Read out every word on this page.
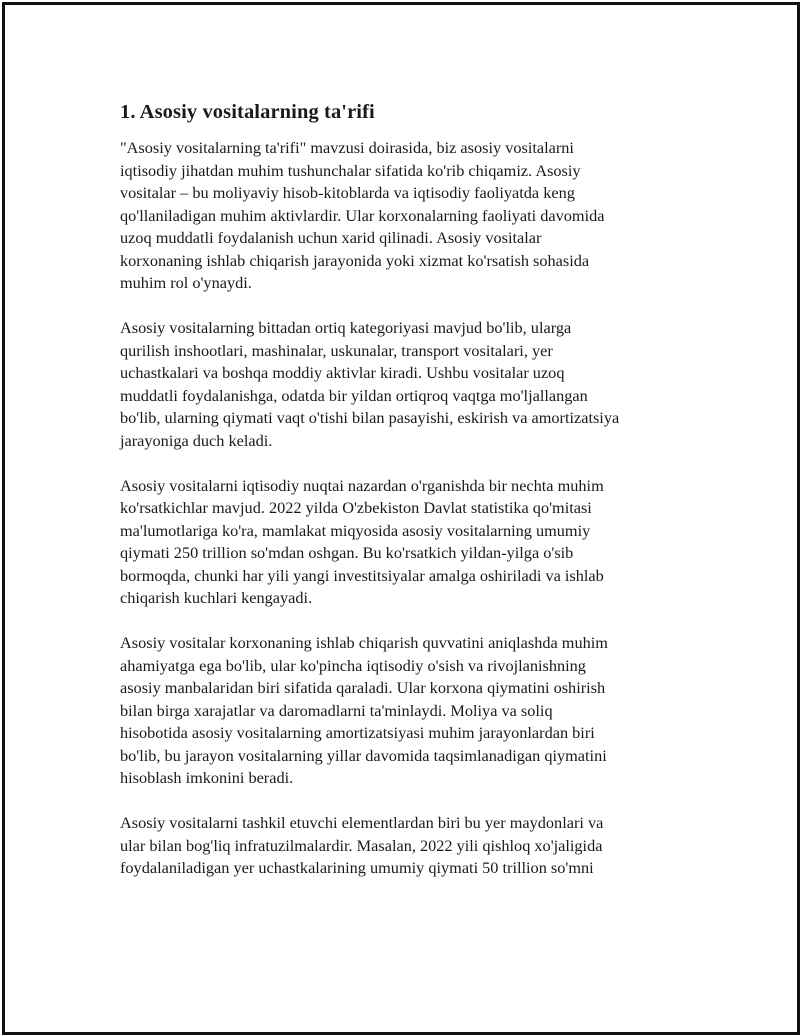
1. Asosiy vositalarning ta'rifi

"Asosiy vositalarning ta'rifi" mavzusi doirasida, biz asosiy vositalarni
iqtisodiy jihatdan muhim tushunchalar sifatida ko'rib chiqamiz. Asosiy
vositalar – bu moliyaviy hisob-kitoblarda va iqtisodiy faoliyatda keng
qo'llaniladigan muhim aktivlardir. Ular korxonalarning faoliyati davomida
uzoq muddatli foydalanish uchun xarid qilinadi. Asosiy vositalar
korxonaning ishlab chiqarish jarayonida yoki xizmat ko'rsatish sohasida
muhim rol o'ynaydi.

Asosiy vositalarning bittadan ortiq kategoriyasi mavjud bo'lib, ularga
qurilish inshootlari, mashinalar, uskunalar, transport vositalari, yer
uchastkalari va boshqa moddiy aktivlar kiradi. Ushbu vositalar uzoq
muddatli foydalanishga, odatda bir yildan ortiqroq vaqtga mo'ljallangan
bo'lib, ularning qiymati vaqt o'tishi bilan pasayishi, eskirish va amortizatsiya
jarayoniga duch keladi.

Asosiy vositalarni iqtisodiy nuqtai nazardan o'rganishda bir nechta muhim
ko'rsatkichlar mavjud. 2022 yilda O'zbekiston Davlat statistika qo'mitasi
ma'lumotlariga ko'ra, mamlakat miqyosida asosiy vositalarning umumiy
qiymati 250 trillion so'mdan oshgan. Bu ko'rsatkich yildan-yilga o'sib
bormoqda, chunki har yili yangi investitsiyalar amalga oshiriladi va ishlab
chiqarish kuchlari kengayadi.

Asosiy vositalar korxonaning ishlab chiqarish quvvatini aniqlashda muhim
ahamiyatga ega bo'lib, ular ko'pincha iqtisodiy o'sish va rivojlanishning
asosiy manbalaridan biri sifatida qaraladi. Ular korxona qiymatini oshirish
bilan birga xarajatlar va daromadlarni ta'minlaydi. Moliya va soliq
hisobotida asosiy vositalarning amortizatsiyasi muhim jarayonlardan biri
bo'lib, bu jarayon vositalarning yillar davomida taqsimlanadigan qiymatini
hisoblash imkonini beradi.

Asosiy vositalarni tashkil etuvchi elementlardan biri bu yer maydonlari va
ular bilan bog'liq infratuzilmalardir. Masalan, 2022 yili qishloq xo'jaligida
foydalaniladigan yer uchastkalarining umumiy qiymati 50 trillion so'mni
